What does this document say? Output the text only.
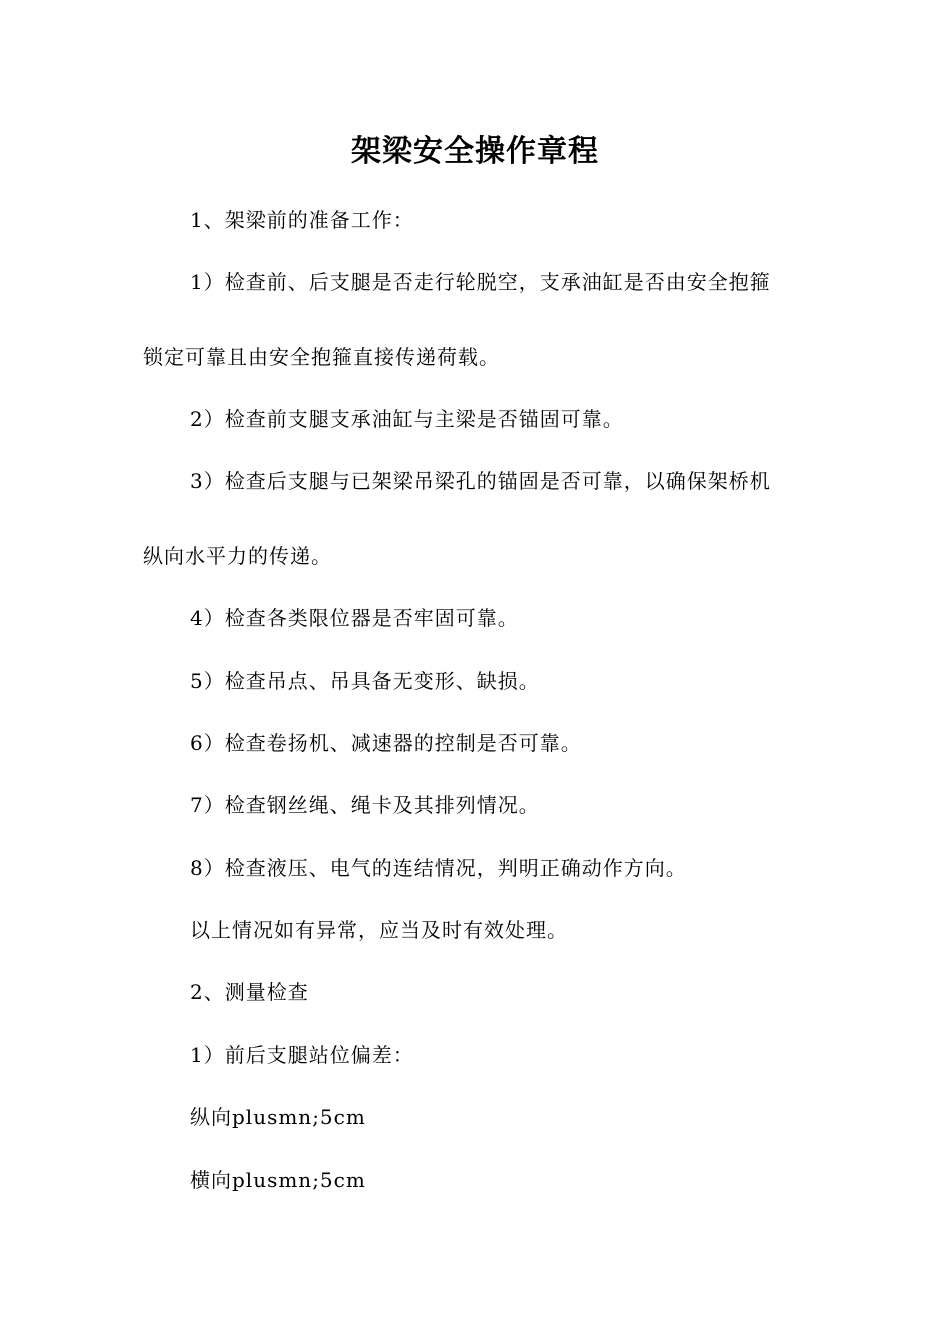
架梁安全操作章程

1、架梁前的准备工作：

1）检查前、后支腿是否走行轮脱空，支承油缸是否由安全抱箍

锁定可靠且由安全抱箍直接传递荷载。

2）检查前支腿支承油缸与主梁是否锚固可靠。

3）检查后支腿与已架梁吊梁孔的锚固是否可靠，以确保架桥机

纵向水平力的传递。

4）检查各类限位器是否牢固可靠。

5）检查吊点、吊具备无变形、缺损。

6）检查卷扬机、减速器的控制是否可靠。

7）检查钢丝绳、绳卡及其排列情况。

8）检查液压、电气的连结情况，判明正确动作方向。

以上情况如有异常，应当及时有效处理。

2、测量检查

1）前后支腿站位偏差：

纵向plusmn;5cm

横向plusmn;5cm
